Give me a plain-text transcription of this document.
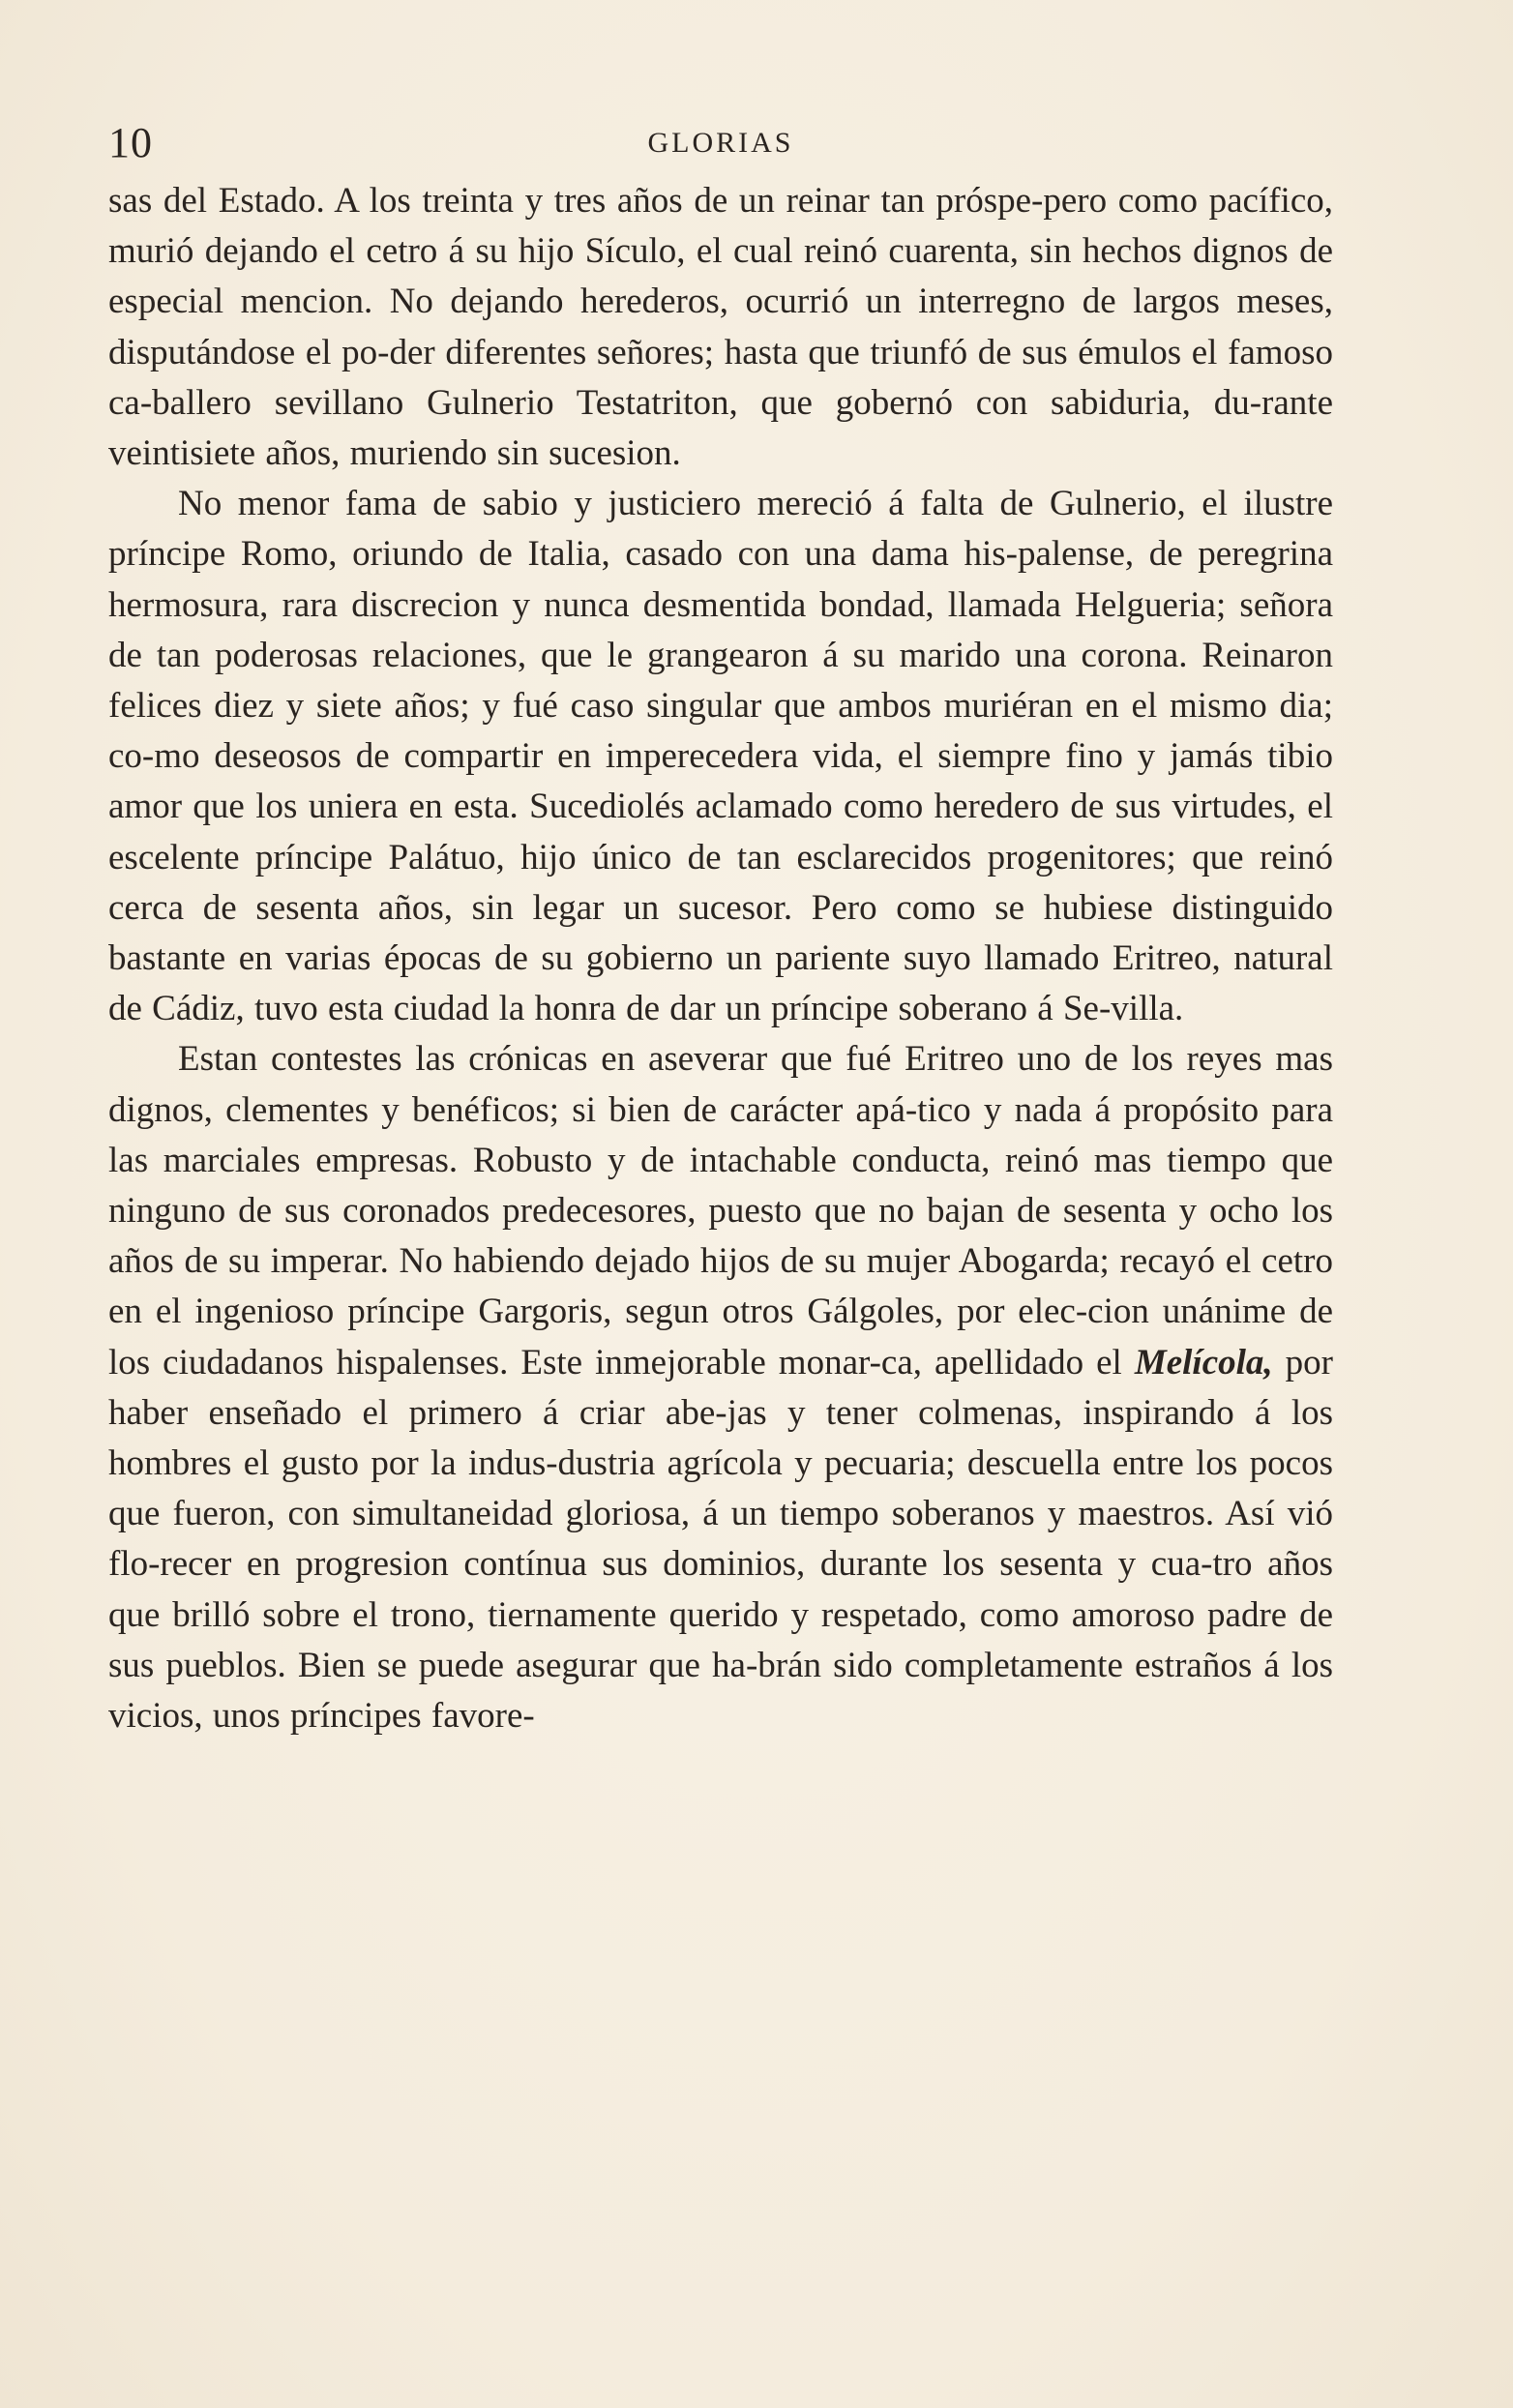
10	GLORIAS

sas del Estado. A los treinta y tres años de un reinar tan próspe-pero como pacífico, murió dejando el cetro á su hijo Sículo, el cual reinó cuarenta, sin hechos dignos de especial mencion. No dejando herederos, ocurrió un interregno de largos meses, disputándose el po-der diferentes señores; hasta que triunfó de sus émulos el famoso ca-ballero sevillano Gulnerio Testatriton, que gobernó con sabiduria, du-rante veintisiete años, muriendo sin sucesion.

No menor fama de sabio y justiciero mereció á falta de Gulnerio, el ilustre príncipe Romo, oriundo de Italia, casado con una dama his-palense, de peregrina hermosura, rara discrecion y nunca desmentida bondad, llamada Helgueria; señora de tan poderosas relaciones, que le grangearon á su marido una corona. Reinaron felices diez y siete años; y fué caso singular que ambos muriéran en el mismo dia; co-mo deseosos de compartir en imperecedera vida, el siempre fino y jamás tibio amor que los uniera en esta. Sucediolés aclamado como heredero de sus virtudes, el escelente príncipe Palátuo, hijo único de tan esclarecidos progenitores; que reinó cerca de sesenta años, sin legar un sucesor. Pero como se hubiese distinguido bastante en varias épocas de su gobierno un pariente suyo llamado Eritreo, natural de Cádiz, tuvo esta ciudad la honra de dar un príncipe soberano á Se-villa.

Estan contestes las crónicas en aseverar que fué Eritreo uno de los reyes mas dignos, clementes y benéficos; si bien de carácter apá-tico y nada á propósito para las marciales empresas. Robusto y de intachable conducta, reinó mas tiempo que ninguno de sus coronados predecesores, puesto que no bajan de sesenta y ocho los años de su imperar. No habiendo dejado hijos de su mujer Abogarda; recayó el cetro en el ingenioso príncipe Gargoris, segun otros Gálgoles, por elec-cion unánime de los ciudadanos hispalenses. Este inmejorable monar-ca, apellidado el Melícola, por haber enseñado el primero á criar abe-jas y tener colmenas, inspirando á los hombres el gusto por la indus-dustria agrícola y pecuaria; descuella entre los pocos que fueron, con simultaneidad gloriosa, á un tiempo soberanos y maestros. Así vió flo-recer en progresion contínua sus dominios, durante los sesenta y cua-tro años que brilló sobre el trono, tiernamente querido y respetado, como amoroso padre de sus pueblos. Bien se puede asegurar que ha-brán sido completamente estraños á los vicios, unos príncipes favore-
